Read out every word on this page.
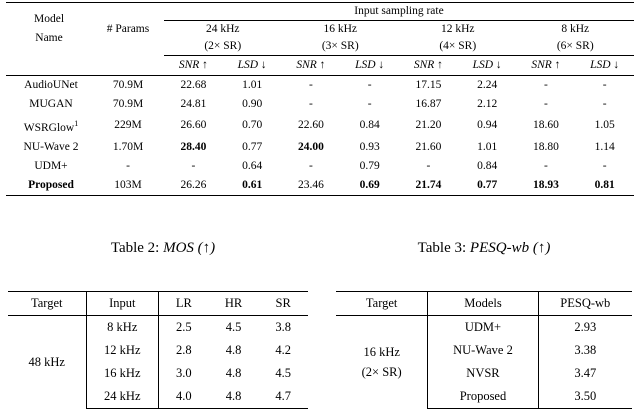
Model
Name	# Params	Input sampling rate							
		24 kHz		16 kHz		12 kHz		8 kHz	
		(2× SR)		(3× SR)		(4× SR)		(6× SR)	
		SNR ↑	LSD ↓	SNR ↑	LSD ↓	SNR ↑	LSD ↓	SNR ↑	LSD ↓
AudioUNet	70.9M	22.68	1.01	-	-	17.15	2.24	-	-
MUGAN	70.9M	24.81	0.90	-	-	16.87	2.12	-	-
WSRGlow$^1$	229M	26.60	0.70	22.60	0.84	21.20	0.94	18.60	1.05
NU-Wave 2	1.70M	28.40	0.77	24.00	0.93	21.60	1.01	18.80	1.14
UDM+	-	-	0.64	-	0.79	-	0.84	-	-
Proposed	103M	26.26	0.61	23.46	0.69	21.74	0.77	18.93	0.81
Table 2: MOS (↑)	Table 3: PESQ-wb (↑)
Target	Input	LR	HR	SR
48 kHz	8 kHz	2.5	4.5	3.8
	12 kHz	2.8	4.8	4.2
	16 kHz	3.0	4.8	4.5
	24 kHz	4.0	4.8	4.7
Target	Models	PESQ-wb

16 kHz
(2× SR)	UDM+	2.93
	NU-Wave 2	3.38
	NVSR	3.47
	Proposed	3.50
